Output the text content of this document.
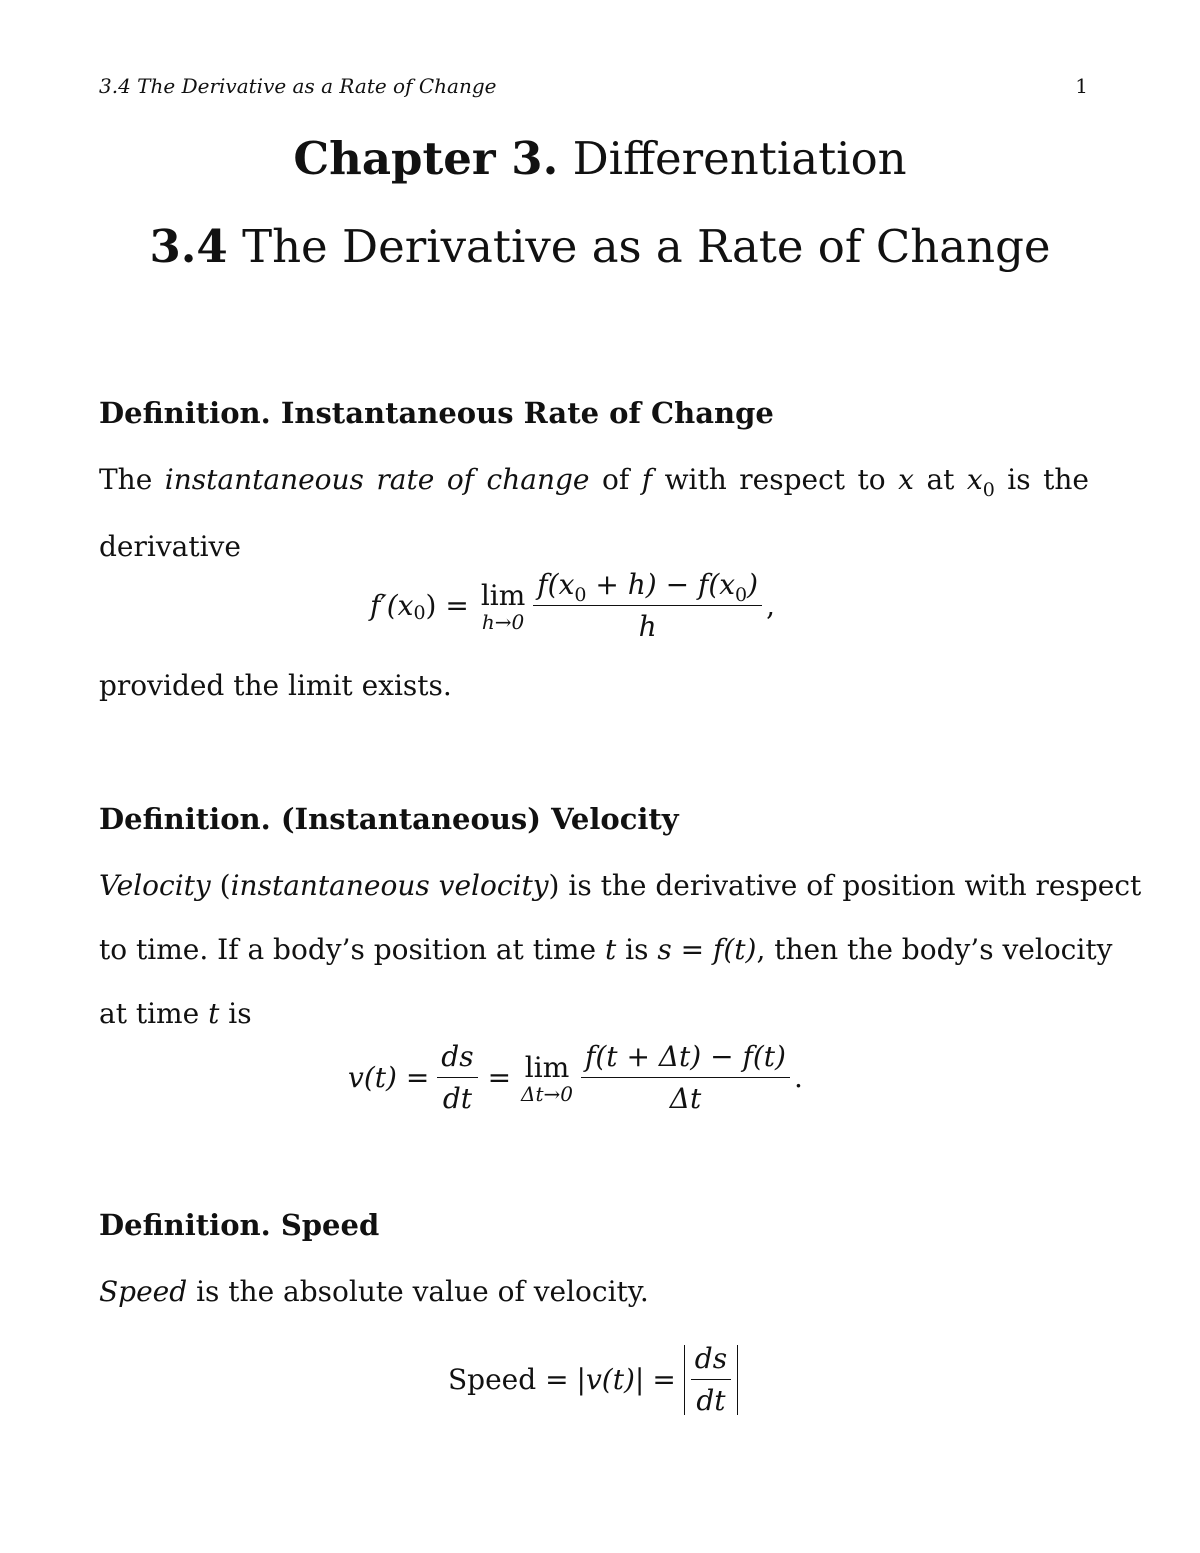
3.4 The Derivative as a Rate of Change	1
Chapter 3. Differentiation
3.4 The Derivative as a Rate of Change
Definition. Instantaneous Rate of Change
The instantaneous rate of change of f with respect to x at $x_0$ is the
derivative
f′(x 0 ) = lim
$h\to 0 \frac{f(x_0 + h) - f(x_0)}{h}$ ,
provided the limit exists.
Definition. (Instantaneous) Velocity
Velocity (instantaneous velocity) is the derivative of position with respect
to time. If a body’s position at time t is s = f(t), then the body’s velocity
at time t is
$v(t) = \frac{ds}{dt} = \lim$
$\Delta t\to 0 \frac{f(t + \Delta t) - f(t)}{\Delta t}$ .
Definition. Speed
Speed is the absolute value of velocity.
Speed = $|v(t)| = \frac{ds}{dt}$
